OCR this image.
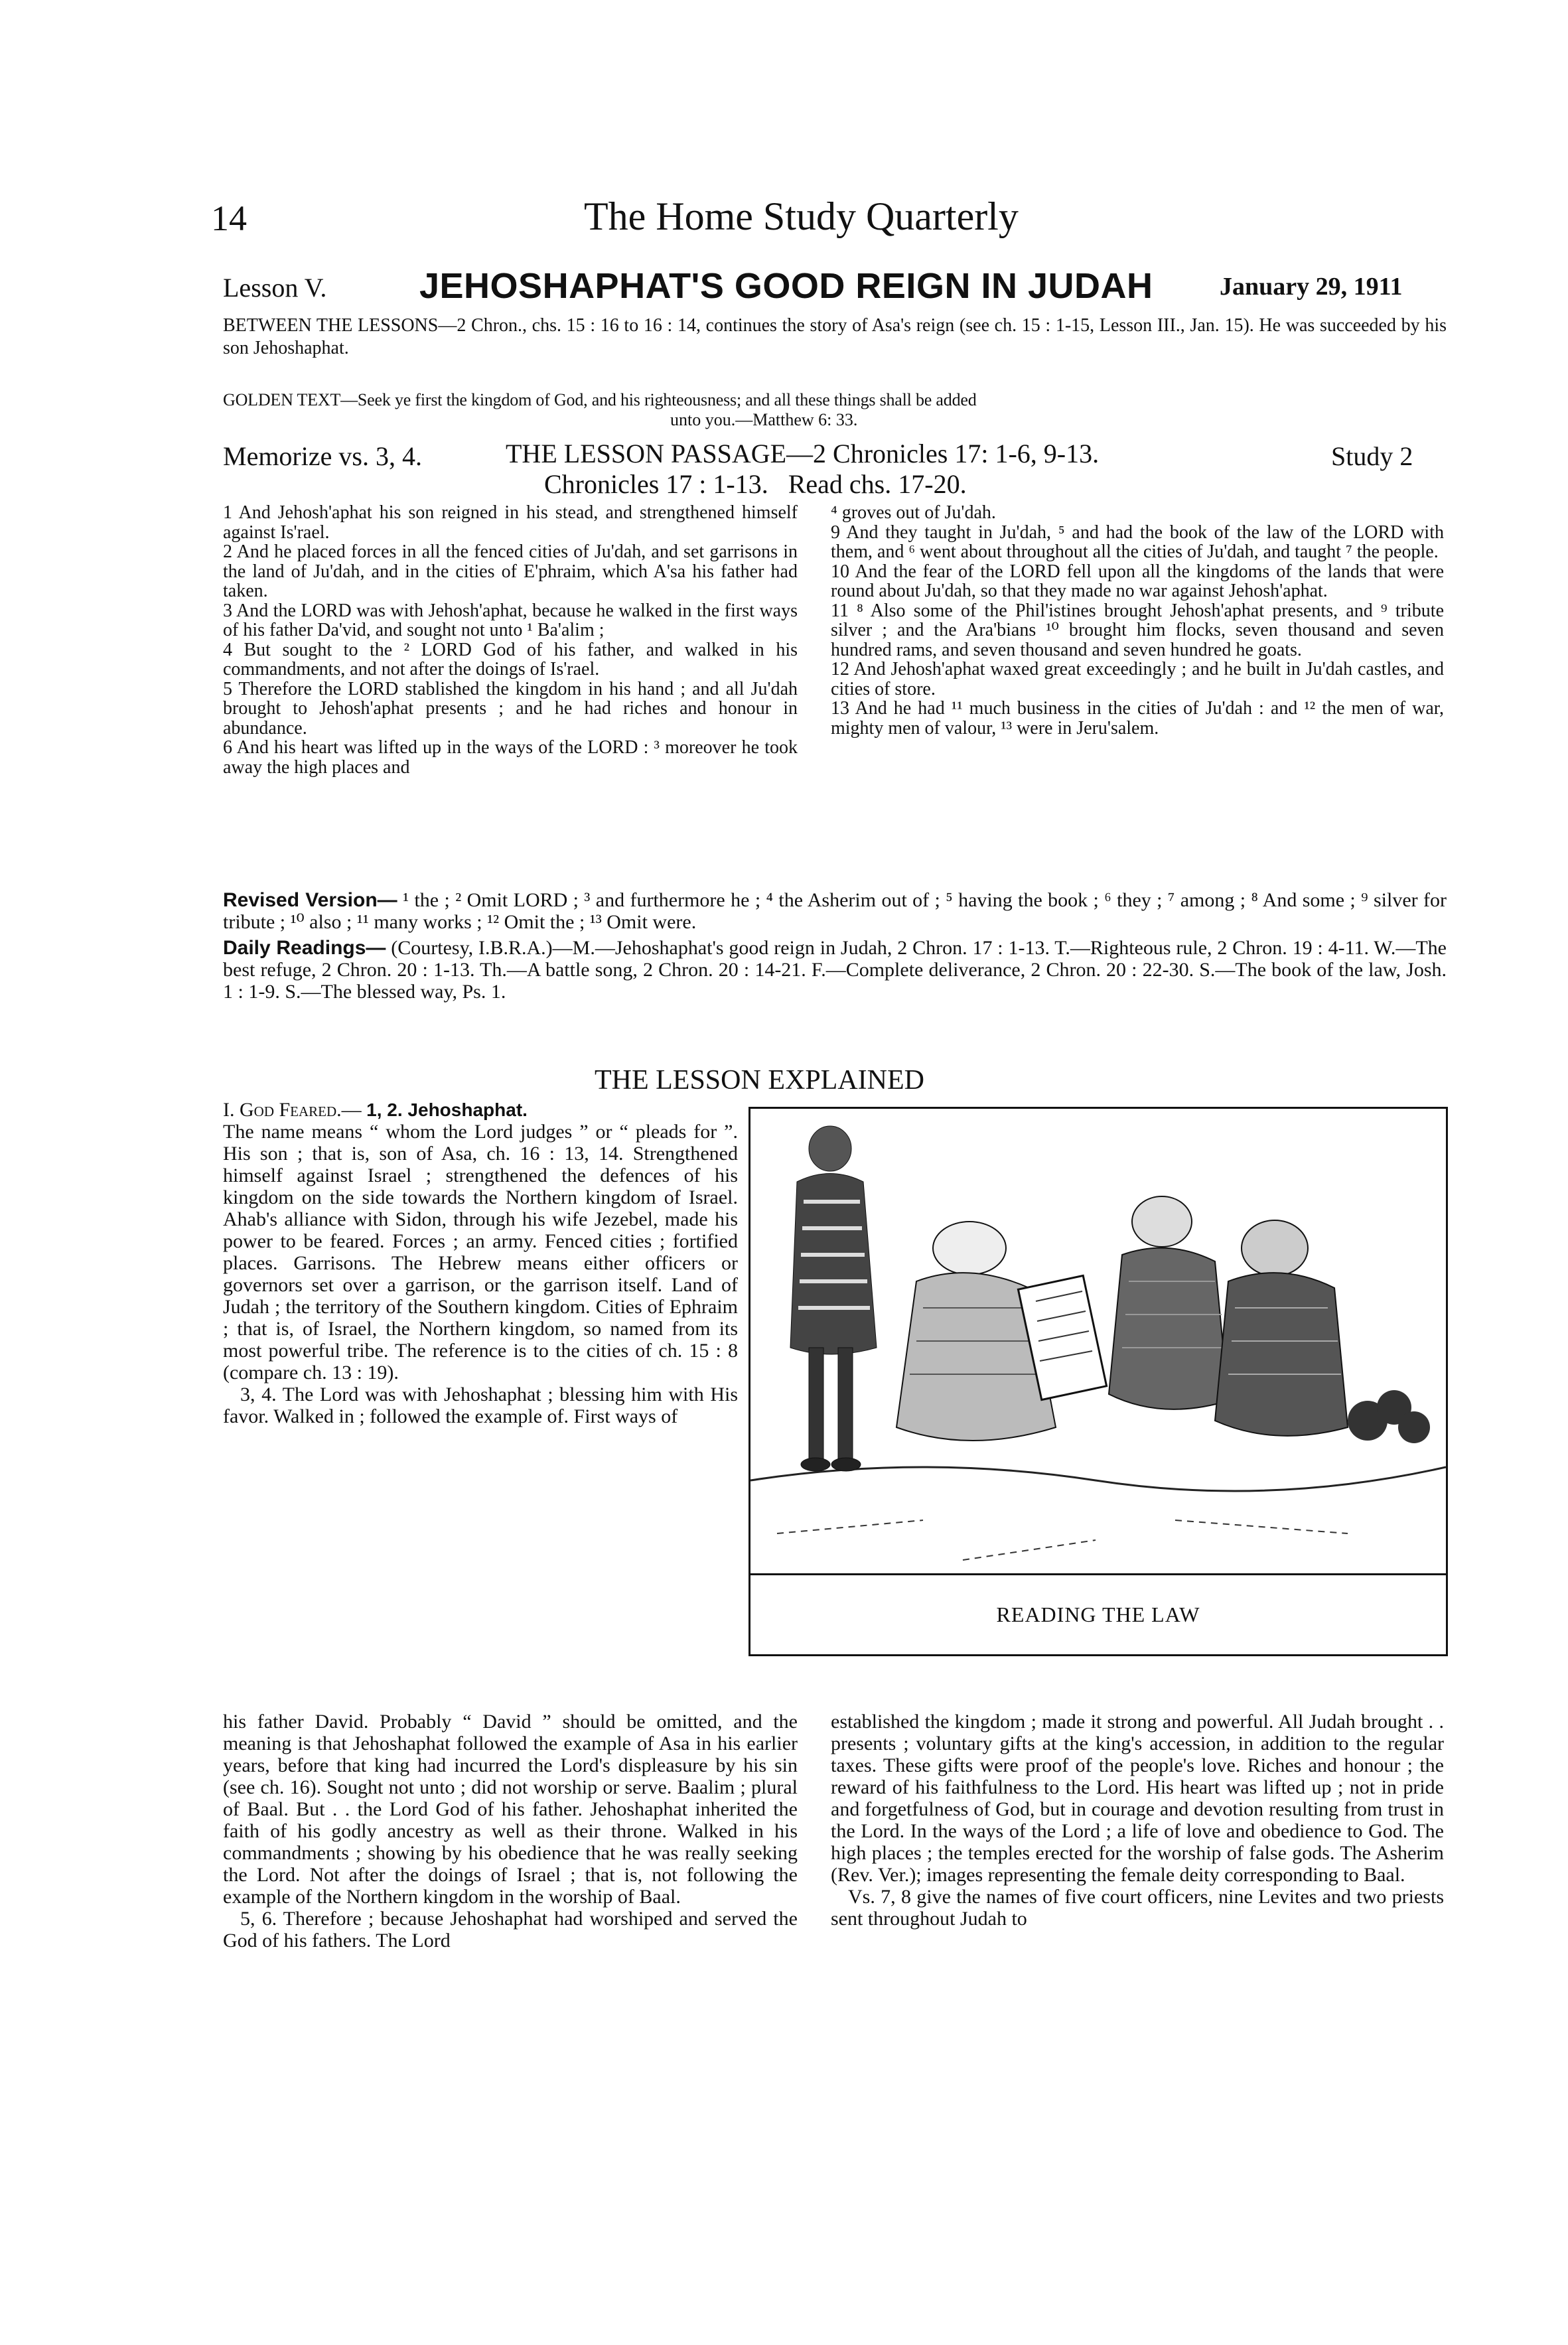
14	The Home Study Quarterly
Lesson V.	JEHOSHAPHAT'S GOOD REIGN IN JUDAH	January 29, 1911
BETWEEN THE LESSONS—2 Chron., chs. 15 : 16 to 16 : 14, continues the story of Asa's reign (see ch. 15 : 1-15, Lesson III., Jan. 15). He was succeeded by his son Jehoshaphat.
GOLDEN TEXT—Seek ye first the kingdom of God, and his righteousness; and all these things shall be added
unto you.—Matthew 6: 33.
Memorize vs. 3, 4.	THE LESSON PASSAGE—2 Chronicles 17: 1-6, 9-13.	Study 2
Chronicles 17 : 1-13.   Read chs. 17-20.

1 And Jehosh'aphat his son reigned in his stead, and strengthened himself against Is'rael.

2 And he placed forces in all the fenced cities of Ju'dah, and set garrisons in the land of Ju'dah, and in the cities of E'phraim, which A'sa his father had taken.

3 And the LORD was with Jehosh'aphat, because he walked in the first ways of his father Da'vid, and sought not unto ¹ Ba'alim ;

4 But sought to the ² LORD God of his father, and walked in his commandments, and not after the doings of Is'rael.

5 Therefore the LORD stablished the kingdom in his hand ; and all Ju'dah brought to Jehosh'aphat presents ; and he had riches and honour in abundance.

6 And his heart was lifted up in the ways of the LORD : ³ moreover he took away the high places and

⁴ groves out of Ju'dah.

9 And they taught in Ju'dah, ⁵ and had the book of the law of the LORD with them, and ⁶ went about throughout all the cities of Ju'dah, and taught ⁷ the people.

10 And the fear of the LORD fell upon all the kingdoms of the lands that were round about Ju'dah, so that they made no war against Jehosh'aphat.

11 ⁸ Also some of the Phil'istines brought Jehosh'aphat presents, and ⁹ tribute silver ; and the Ara'bians ¹⁰ brought him flocks, seven thousand and seven hundred rams, and seven thousand and seven hundred he goats.

12 And Jehosh'aphat waxed great exceedingly ; and he built in Ju'dah castles, and cities of store.

13 And he had ¹¹ much business in the cities of Ju'dah : and ¹² the men of war, mighty men of valour, ¹³ were in Jeru'salem.

Revised Version— ¹ the ; ² Omit LORD ; ³ and furthermore he ; ⁴ the Asherim out of ; ⁵ having the book ; ⁶ they ; ⁷ among ; ⁸ And some ; ⁹ silver for tribute ; ¹⁰ also ; ¹¹ many works ; ¹² Omit the ; ¹³ Omit were.
Daily Readings— (Courtesy, I.B.R.A.)—M.—Jehoshaphat's good reign in Judah, 2 Chron. 17 : 1-13. T.—Righteous rule, 2 Chron. 19 : 4-11. W.—The best refuge, 2 Chron. 20 : 1-13. Th.—A battle song, 2 Chron. 20 : 14-21. F.—Complete deliverance, 2 Chron. 20 : 22-30. S.—The book of the law, Josh. 1 : 1-9. S.—The blessed way, Ps. 1.
THE LESSON EXPLAINED
I. God Feared.— 1, 2. Jehoshaphat.
The name means “ whom the Lord judges ” or “ pleads for ”. His son ; that is, son of Asa, ch. 16 : 13, 14. Strengthened himself against Israel ; strengthened the defences of his kingdom on the side towards the Northern kingdom of Israel. Ahab's alliance with Sidon, through his wife Jezebel, made his power to be feared. Forces ; an army. Fenced cities ; fortified places. Garrisons. The Hebrew means either officers or governors set over a garrison, or the garrison itself. Land of Judah ; the territory of the Southern kingdom. Cities of Ephraim ; that is, of Israel, the Northern kingdom, so named from its most powerful tribe. The reference is to the cities of ch. 15 : 8 (compare ch. 13 : 19).
3, 4. The Lord was with Jehoshaphat ; blessing him with His favor. Walked in ; followed the example of. First ways of
READING THE LAW
his father David. Probably “ David ” should be omitted, and the meaning is that Jehoshaphat followed the example of Asa in his earlier years, before that king had incurred the Lord's displeasure by his sin (see ch. 16). Sought not unto ; did not worship or serve. Baalim ; plural of Baal. But . . the Lord God of his father. Jehoshaphat inherited the faith of his godly ancestry as well as their throne. Walked in his commandments ; showing by his obedience that he was really seeking the Lord. Not after the doings of Israel ; that is, not following the example of the Northern kingdom in the worship of Baal.
5, 6. Therefore ; because Jehoshaphat had worshiped and served the God of his fathers. The Lord
established the kingdom ; made it strong and powerful. All Judah brought . . presents ; voluntary gifts at the king's accession, in addition to the regular taxes. These gifts were proof of the people's love. Riches and honour ; the reward of his faithfulness to the Lord. His heart was lifted up ; not in pride and forgetfulness of God, but in courage and devotion resulting from trust in the Lord. In the ways of the Lord ; a life of love and obedience to God. The high places ; the temples erected for the worship of false gods. The Asherim (Rev. Ver.); images representing the female deity corresponding to Baal.
Vs. 7, 8 give the names of five court officers, nine Levites and two priests sent throughout Judah to
